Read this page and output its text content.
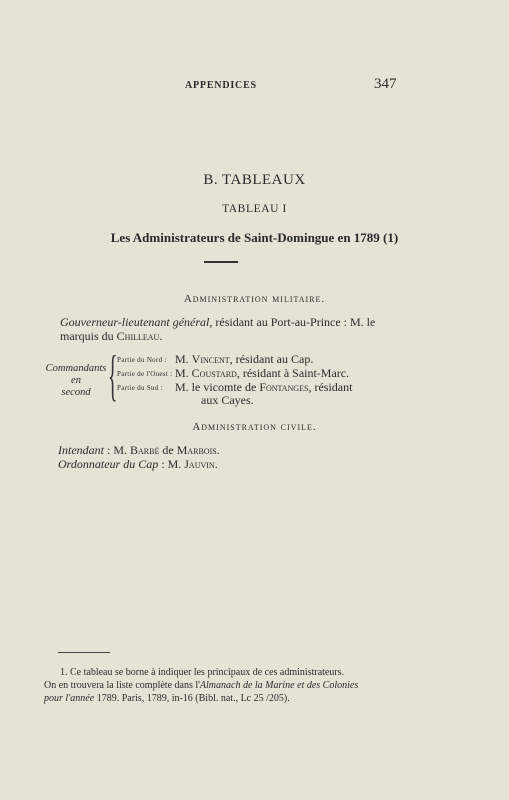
APPENDICES	347
B. TABLEAUX
TABLEAU I
Les Administrateurs de Saint-Domingue en 1789 (1)
Administration militaire.
Gouverneur-lieutenant général, résidant au Port-au-Prince : M. le marquis du Chilleau.
Commandants
en
second { Partie du Nord : M. Vincent, résidant au Cap.
Partie de l'Ouest : M. Coustard, résidant à Saint-Marc.
Partie du Sud : M. le vicomte de Fontanges, résidant
aux Cayes.
Administration civile.
Intendant : M. Barbé de Marbois.
Ordonnateur du Cap : M. Jauvin.
1. Ce tableau se borne à indiquer les principaux de ces administrateurs.
On en trouvera la liste complète dans l'Almanach de la Marine et des Colonies
pour l'année 1789. Paris, 1789, in-16 (Bibl. nat., Lc 25 /205).
